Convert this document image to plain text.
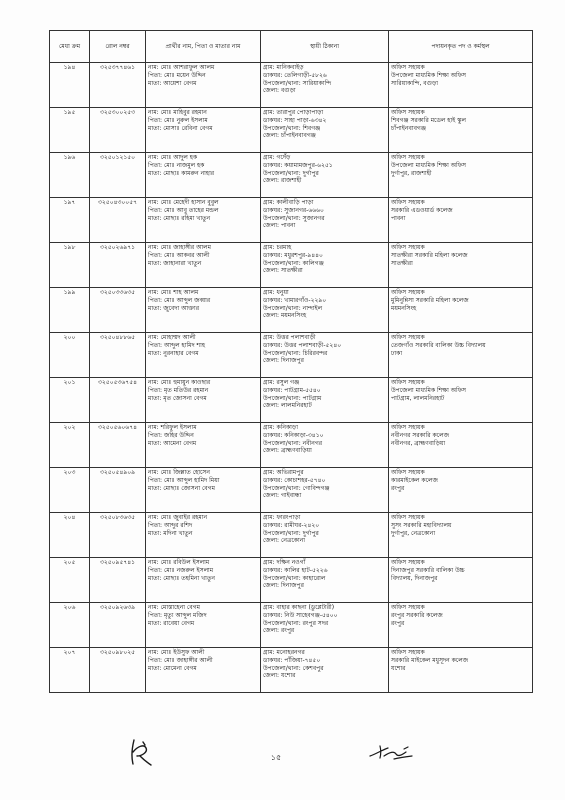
মেধা ক্রম	রোল নম্বর	প্রার্থীর নাম, পিতা ও মাতার নাম	স্থায়ী ঠিকানা	পদায়নকৃত পদ ও কর্মস্থল
১৯৪	৩২৫৩৭৭৪৬১	নাম: মোঃ আশরাফুল আলম
পিতা: মোঃ ময়েন উদ্দিন
মাতা: আয়েশা বেগম	গ্রাম: মানিকবাইড়
ডাকঘর: তেলিগাড়ী-৫৮২৬
উপজেলা/থানা: সারিয়াকান্দি
জেলা: বগুড়া	অফিস সহায়ক
উপজেলা মাধ্যমিক শিক্ষা অফিস
সারিয়াকান্দি, বগুড়া

১৯৫	৩২৫৩০০২৫৩	নাম: মোঃ মাহিবুর রহমান
পিতা: মোঃ নুরুল ইসলাম
মাতা: মোসাঃ রেবিনা বেগম	গ্রাম: তারাপুর পোড়াপাড়া
ডাকঘর: সাহা পাড়া-৬৩৪২
উপজেলা/থানা: শিবগঞ্জ
জেলা: চাঁপাইনবাবগঞ্জ	অফিস সহায়ক
শিবগঞ্জ সরকারি মডেল হাই স্কুল
চাঁপাইনবাবগঞ্জ

১৯৬	৩২৫০১২১৫০	নাম: মোঃ আদুল হক
পিতা: মোঃ নাজমুল হক
মাতা: মোছাঃ কামরুন নাহার	গ্রাম: গর্দেঁড়
ডাকঘর: কয়ামামজপুর-৬২৫১
উপজেলা/থানা: দুর্গাপুর
জেলা: রাজশাহী	অফিস সহায়ক
উপজেলা মাধ্যমিক শিক্ষা অফিস
দুর্গাপুর, রাজশাহী

১৯৭	৩২৫০৪৩০০৫৭	নাম: মোঃ মেহেদী হাসান বুবুল
পিতা: মোঃ আবু তাহের মন্ডল
মাতা: মোছাঃ রহিমা খাতুন	গ্রাম: কালীবাড়ি পাড়া
ডাকঘর: সুজানগর-৬৬৬০
উপজেলা/থানা: সুজানগর
জেলা: পাবনা	অফিস সহায়ক
সরকারি এডওয়ার্ড কলেজ
পাবনা

১৯৮	৩২৫০২৬৯৭১	নাম: মোঃ জাহাঙ্গীর আলম
পিতা: মোঃ আকবর আলী
মাতা: জাহানারা খাতুন	গ্রাম: চরমাহ
ডাকঘর: মধুরশপুর-৯৪৪০
উপজেলা/থানা: কালিগঞ্জ
জেলা: সাতক্ষীরা	অফিস সহায়ক
সাতক্ষীরা সরকারি মহিলা কলেজ
সাতক্ষীরা

১৯৯	৩২৫০৩৩৬৩৫	নাম: মোঃ শাহ আলম
পিতা: মোঃ আব্দুল জব্বার
মাতা: জুবেদা আক্তার	গ্রাম: ধনুয়া
ডাকঘর: খামারগাঁও-২২৯০
উপজেলা/থানা: নান্দাইল
জেলা: ময়মনসিংহ	অফিস সহায়ক
মুমিনুন্নিসা সরকারি মহিলা কলেজ
ময়মনসিংহ

২০০	৩২৫০৪৮৮৬৫	নাম: মোহাম্মদ আলী
পিতা: আব্দুল হামিদ শাহ
মাতা: নুরনাহার বেগম	গ্রাম: উত্তর পলাশবাড়ী
ডাকঘর: উত্তর পলাশবাড়ী-৫২৪০
উপজেলা/থানা: চিরিরবন্দর
জেলা: দিনাজপুর	অফিস সহায়ক
তেজগাঁও সরকারি বালিকা উচ্চ বিদ্যালয়
ঢাকা

২০১	৩২৫০৫৩৬৭৫৪	নাম: মোঃ হুমায়ুন কাওছার
পিতা: মৃত মতিউর রহমান
মাতা: মৃত জোসনা বেগম	গ্রাম: রসুল গঞ্জ
ডাকঘর: পাটগ্রাম-৫৫৪০
উপজেলা/থানা: পাটগ্রাম
জেলা: লালমনিরহাট	অফিস সহায়ক
উপজেলা মাধ্যমিক শিক্ষা অফিস
পাটগ্রাম, লালমনিরহাট

২০২	৩২৫০৫৬০৬৭৪	নাম: শরিফুল ইসলাম
পিতা: জহির উদ্দিন
মাতা: আমেনা বেগম	গ্রাম: কনিকাড়া
ডাকঘর: কনিকাড়া-৩৪১০
উপজেলা/থানা: নবীনগর
জেলা: ব্রাহ্মণবাড়িয়া	অফিস সহায়ক
নবীনগর সরকারি কলেজ
নবীনগর, ব্রাহ্মণবাড়িয়া

২০৩	৩২৫০৫৪৯০৯	নাম: মোঃ জিল্লাত হোসেন
পিতা: মোঃ আব্দুল হামিদ মিয়া
মাতা: মোছাঃ জোসনা বেগম	গ্রাম: অভিরামপুর
ডাকঘর: কোচাশহর-৫৭৪০
উপজেলা/থানা: গোবিন্দগঞ্জ
জেলা: গাইবান্ধা	অফিস সহায়ক
কারমাইকেল কলেজ
রংপুর

২০৪	৩২৫০৮৩৬৩৫	নাম: মোঃ জুবাইর রহমান
পিতা: আব্দুর রশিদ
মাতা: মদিনা খাতুন	গ্রাম: ফারংপাড়া
ডাকঘর: রামীঘর-২৪২০
উপজেলা/থানা: দুর্গাপুর
জেলা: নেত্রকোনা	অফিস সহায়ক
সুসং সরকারি মহাবিদ্যালয়
দুর্গাপুর, নেত্রকোনা

২০৫	৩২৫০৯৫৭৪১	নাম: মোঃ রবিউল ইসলাম
পিতা: মোঃ নজরুল ইসলাম
মাতা: মোছাঃ তহমিনা খাতুন	গ্রাম: দক্ষিন নওগাঁ
ডাকঘর: কালির হাট-৫২২৬
উপজেলা/থানা: কাহারোল
জেলা: দিনাজপুর	অফিস সহায়ক
দিনাজপুর সরকারি বালিকা উচ্চ
বিদ্যালয়, দিনাজপুর

২০৬	৩২৫০৯২৬৩৯	নাম: মোস্তাহেনা বেগম
পিতা: মৃত্যু আব্দুল মজিদ
মাতা: রাবেয়া বেগম	গ্রাম: বাহার কাছনা (ডুপ্লেটারী)
ডাকঘর: নিউ সাহেবগঞ্জ-৫৪০০
উপজেলা/থানা: রংপুর সদর
জেলা: রংপুর	অফিস সহায়ক
রংপুর সরকারি কলেজ
রংপুর

২০৭	৩২৫০৯৮০২৫	নাম: মোঃ ইউসুফ আলী
পিতা: মোঃ জাহাঙ্গীর আলী
মাতা: মোমেনা বেগম	গ্রাম: মনোহরনগর
ডাকঘর: পাঁজিয়া-৭৪৫০
উপজেলা/থানা: কেশবপুর
জেলা: যশোর	অফিস সহায়ক
সরকারি মাইকেল মধুসূদন কলেজ
যশোর
১৫
